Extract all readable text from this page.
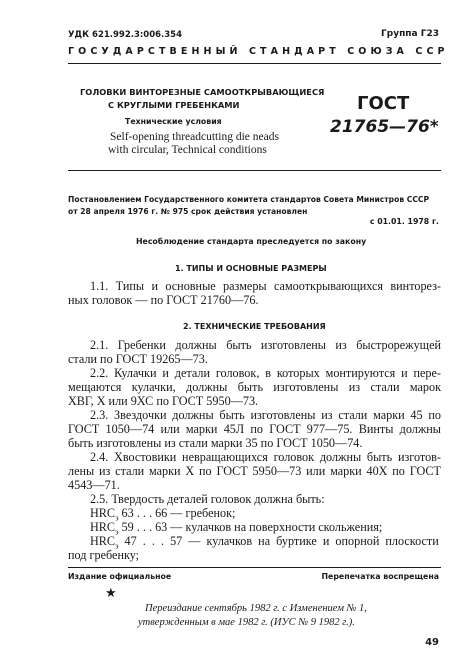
УДК 621.992.3:006.354	Группа Г23
ГОСУДАРСТВЕННЫЙ СТАНДАРТ СОЮЗА ССР
ГОЛОВКИ ВИНТОРЕЗНЫЕ САМООТКРЫВАЮЩИЕСЯ
С КРУГЛЫМИ ГРЕБЕНКАМИ
Технические условия
Self-opening threadcutting die neads
with circular, Technical conditions
ГОСТ
21765—76*
Постановлением Государственного комитета стандартов Совета Министров СССР
от 28 апреля 1976 г. № 975 срок действия установлен
с 01.01. 1978 г.
Несоблюдение стандарта преследуется по закону
1. ТИПЫ И ОСНОВНЫЕ РАЗМЕРЫ
1.1. Типы и основные размеры самооткрывающихся винторез-
ных головок — по ГОСТ 21760—76.
2. ТЕХНИЧЕСКИЕ ТРЕБОВАНИЯ
2.1. Гребенки должны быть изготовлены из быстрорежущей
стали по ГОСТ 19265—73.
2.2. Кулачки и детали головок, в которых монтируются и пере-
мещаются кулачки, должны быть изготовлены из стали марок
ХВГ, Х или 9ХС по ГОСТ 5950—73.
2.3. Звездочки должны быть изготовлены из стали марки 45 по
ГОСТ 1050—74 или марки 45Л по ГОСТ 977—75. Винты должны
быть изготовлены из стали марки 35 по ГОСТ 1050—74.
2.4. Хвостовики невращающихся головок должны быть изготов-
лены из стали марки Х по ГОСТ 5950—73 или марки 40Х по ГОСТ
4543—71.
2.5. Твердость деталей головок должна быть:
$HRC_э$ 63 . . . 66 — гребенок;
$HRC_э$ 59 . . . 63 — кулачков на поверхности скольжения;
$HRC_э$ 47 . . . 57 — кулачков на буртике и опорной плоскости
под гребенку;
Издание официальное	Перепечатка воспрещена
★
Переиздание сентябрь 1982 г. с Изменением № 1,
утвержденным в мае 1982 г. (ИУС № 9 1982 г.).
49
